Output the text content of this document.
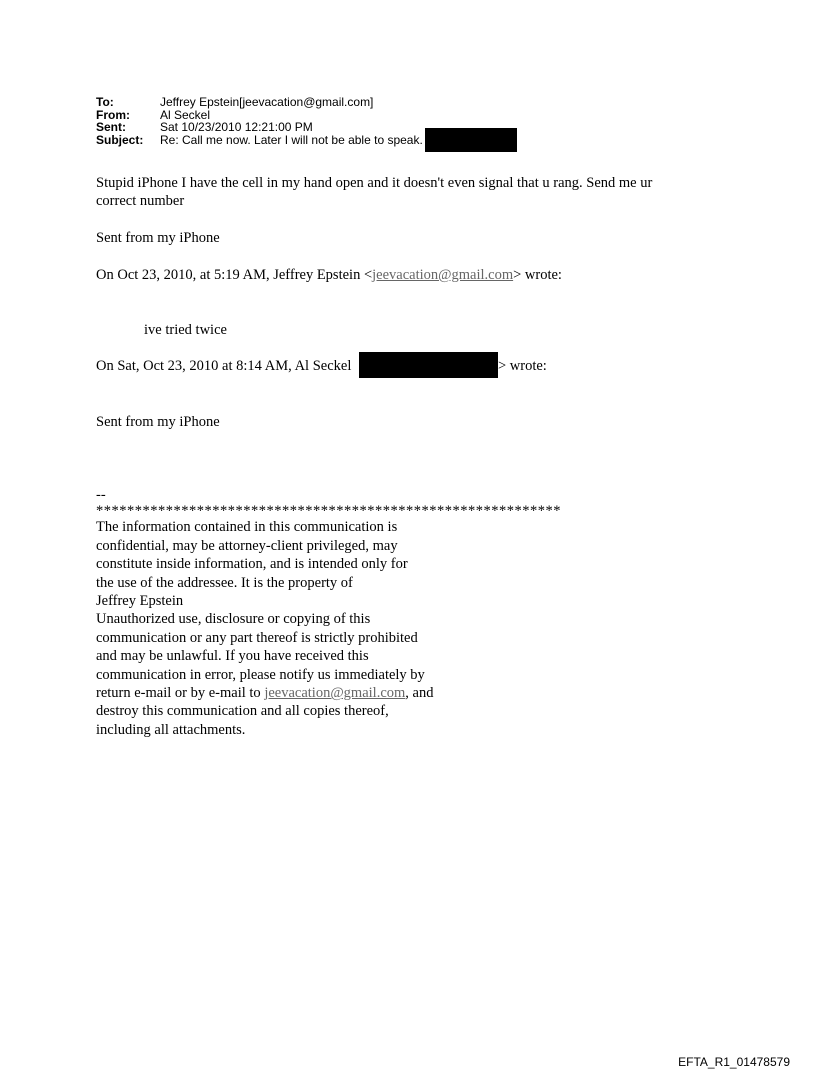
To:	Jeffrey Epstein[jeevacation@gmail.com]
From:	Al Seckel
Sent:	Sat 10/23/2010 12:21:00 PM
Subject:	Re: Call me now. Later I will not be able to speak.
Stupid iPhone I have the cell in my hand open and it doesn't even signal that u rang. Send me ur
correct number
Sent from my iPhone
On Oct 23, 2010, at 5:19 AM, Jeffrey Epstein <jeevacation@gmail.com> wrote:
ive tried twice
On Sat, Oct 23, 2010 at 8:14 AM, Al Seckel	> wrote:
Sent from my iPhone
--
************************************************************
The information contained in this communication is
confidential, may be attorney-client privileged, may
constitute inside information, and is intended only for
the use of the addressee. It is the property of
Jeffrey Epstein
Unauthorized use, disclosure or copying of this
communication or any part thereof is strictly prohibited
and may be unlawful. If you have received this
communication in error, please notify us immediately by
return e-mail or by e-mail to jeevacation@gmail.com, and
destroy this communication and all copies thereof,
including all attachments.
EFTA_R1_01478579
